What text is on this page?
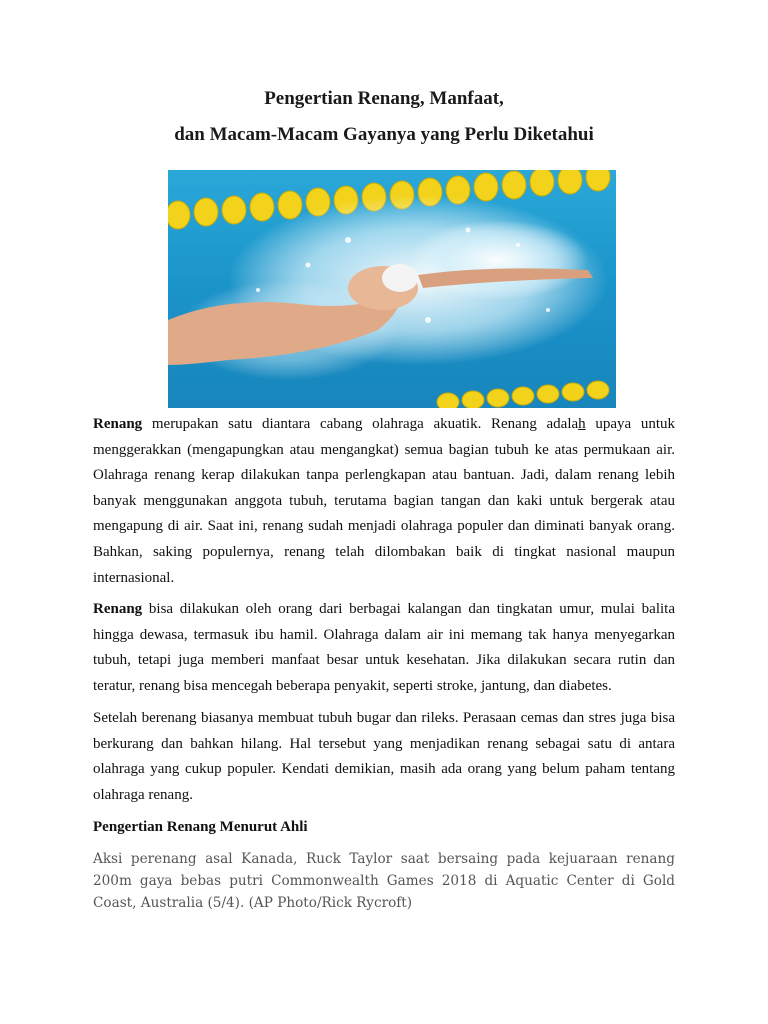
Pengertian Renang, Manfaat,
dan Macam-Macam Gayanya yang Perlu Diketahui
Renang merupakan satu diantara cabang olahraga akuatik. Renang adalah upaya untuk menggerakkan (mengapungkan atau mengangkat) semua bagian tubuh ke atas permukaan air. Olahraga renang kerap dilakukan tanpa perlengkapan atau bantuan. Jadi, dalam renang lebih banyak menggunakan anggota tubuh, terutama bagian tangan dan kaki untuk bergerak atau mengapung di air. Saat ini, renang sudah menjadi olahraga populer dan diminati banyak orang. Bahkan, saking populernya, renang telah dilombakan baik di tingkat nasional maupun internasional.
Renang bisa dilakukan oleh orang dari berbagai kalangan dan tingkatan umur, mulai balita hingga dewasa, termasuk ibu hamil. Olahraga dalam air ini memang tak hanya menyegarkan tubuh, tetapi juga memberi manfaat besar untuk kesehatan. Jika dilakukan secara rutin dan teratur, renang bisa mencegah beberapa penyakit, seperti stroke, jantung, dan diabetes.
Setelah berenang biasanya membuat tubuh bugar dan rileks. Perasaan cemas dan stres juga bisa berkurang dan bahkan hilang. Hal tersebut yang menjadikan renang sebagai satu di antara olahraga yang cukup populer. Kendati demikian, masih ada orang yang belum paham tentang olahraga renang.
Pengertian Renang Menurut Ahli
Aksi perenang asal Kanada, Ruck Taylor saat bersaing pada kejuaraan renang 200m gaya bebas putri Commonwealth Games 2018 di Aquatic Center di Gold Coast, Australia (5/4). (AP Photo/Rick Rycroft)
